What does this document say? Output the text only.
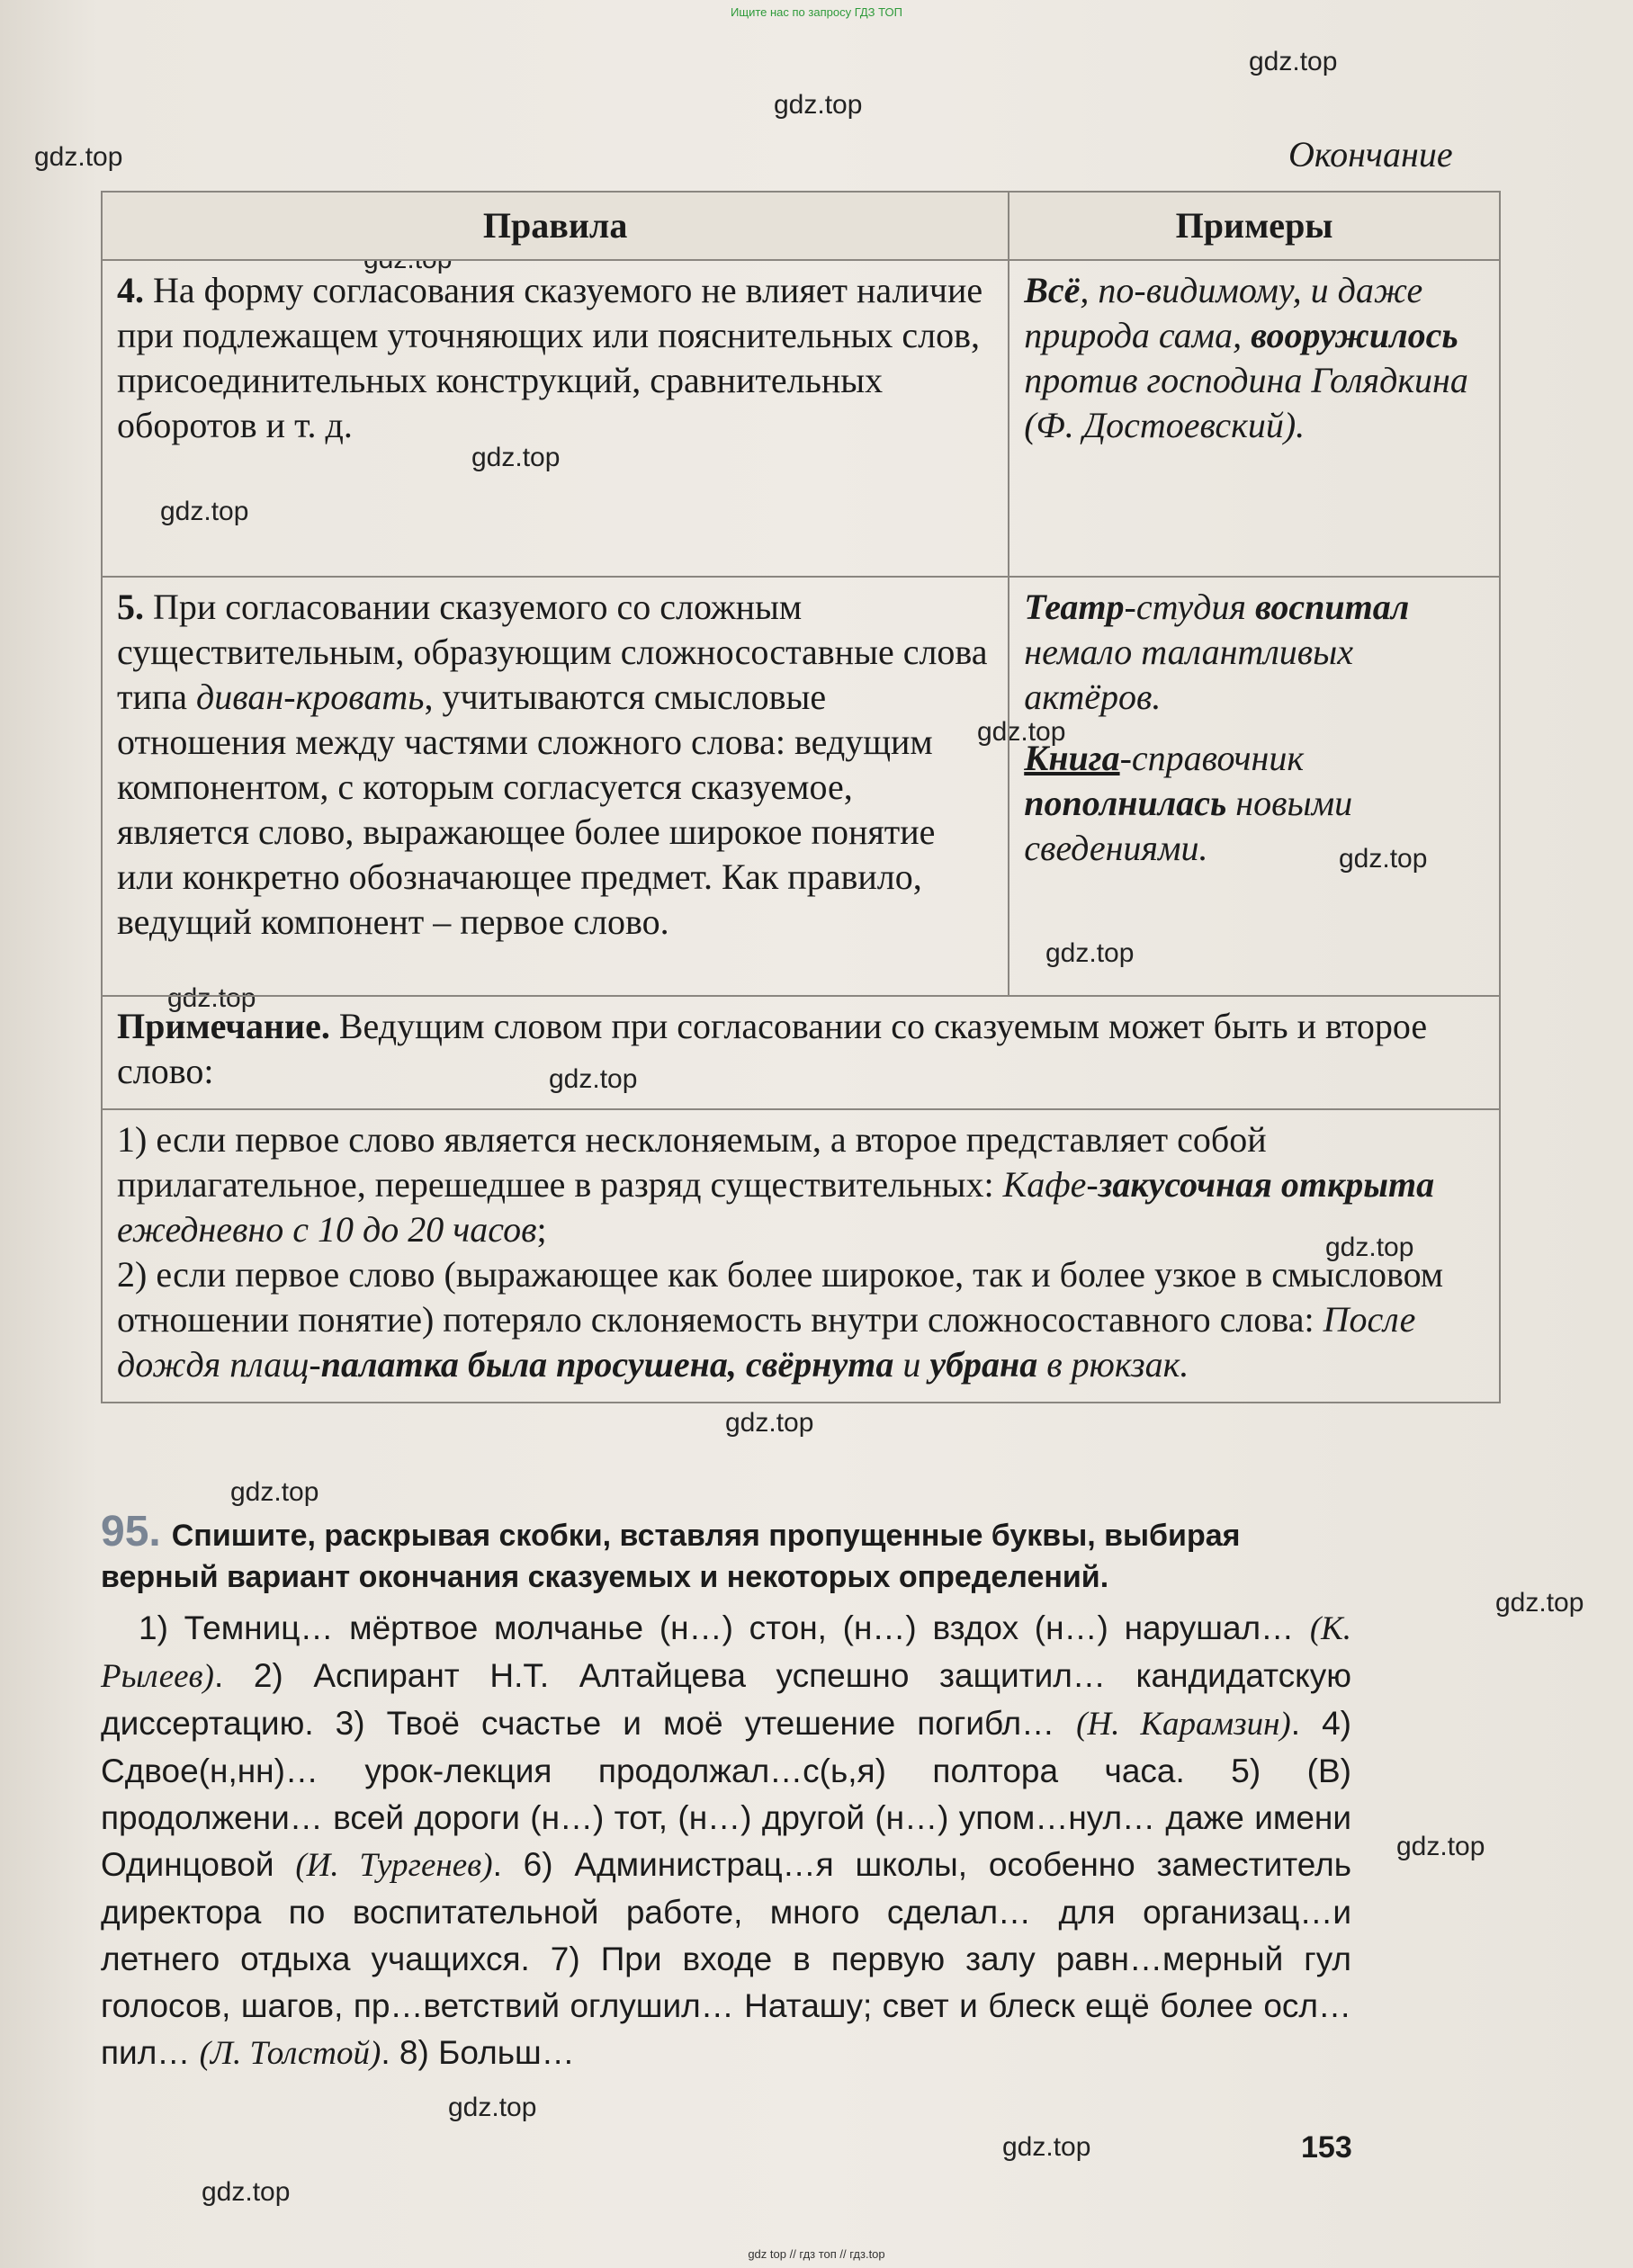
Ищите нас по запросу ГДЗ ТОП
gdz.top
gdz.top
gdz.top
gdz.top
gdz.top
gdz.top
gdz.top
gdz.top
gdz.top
gdz.top
gdz.top
gdz.top
gdz.top
gdz.top
gdz.top
gdz.top
gdz.top
gdz.top
Окончание
Правила	Примеры
4. На форму согласования сказуемого не влияет наличие при подлежащем уточняющих или пояснительных слов, присоединительных конструкций, сравнительных оборотов и т. д.	Всё, по-видимому, и даже природа сама, вооружилось против господина Голядкина (Ф. Достоевский).
5. При согласовании сказуемого со сложным существительным, образующим сложносоставные слова типа диван-кровать, учитываются смысловые отношения между частями сложного слова: ведущим компонентом, с которым согласуется сказуемое, является слово, выражающее более широкое понятие или конкретно обозначающее предмет. Как правило, ведущий компонент – первое слово.	Театр-студия воспитал немало талантливых актёров.
Книга-справочник пополнилась новыми сведениями.

Примечание. Ведущим словом при согласовании со сказуемым может быть и второе слово:	

1) если первое слово является несклоняемым, а второе представляет собой прилагательное, перешедшее в разряд существительных: Кафе-закусочная открыта ежедневно с 10 до 20 часов;
2) если первое слово (выражающее как более широкое, так и более узкое в смысловом отношении понятие) потеряло склоняемость внутри сложносоставного слова: После дождя плащ-палатка была просушена, свёрнута и убрана в рюкзак.	
95. Спишите, раскрывая скобки, вставляя пропущенные буквы, выбирая верный вариант окончания сказуемых и некоторых определений.
1) Темниц… мёртвое молчанье (н…) стон, (н…) вздох (н…) нарушал… (К. Рылеев). 2) Аспирант Н.Т. Алтайцева успешно защитил… кандидатскую диссертацию. 3) Твоё счастье и моё утешение погибл… (Н. Карамзин). 4) Сдвое(н,нн)… урок-лекция продолжал…с(ь,я) полтора часа. 5) (В) продолжени… всей дороги (н…) тот, (н…) другой (н…) упом…нул… даже имени Одинцовой (И. Тургенев). 6) Администрац…я школы, особенно заместитель директора по воспитательной работе, много сделал… для организац…и летнего отдыха учащихся. 7) При входе в первую залу равн…мерный гул голосов, шагов, пр…ветствий оглушил… Наташу; свет и блеск ещё более осл…пил… (Л. Толстой). 8) Больш…
153
gdz top // гдз топ // гдз.top
